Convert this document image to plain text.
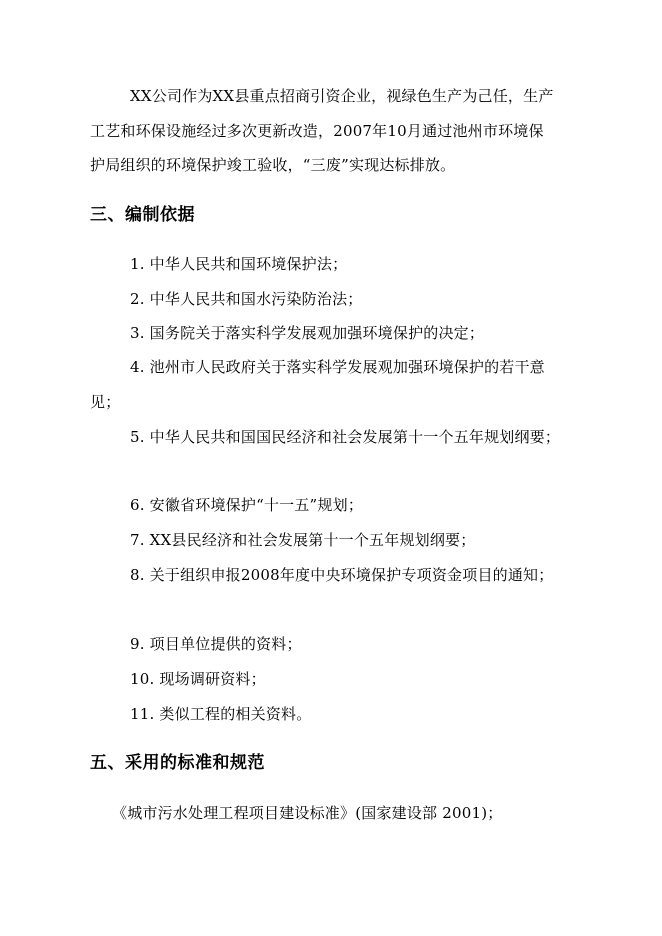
XX公司作为XX县重点招商引资企业，视绿色生产为己任，生产
工艺和环保设施经过多次更新改造，2007年10月通过池州市环境保
护局组织的环境保护竣工验收，“三废”实现达标排放。
三、编制依据
1. 中华人民共和国环境保护法；
2. 中华人民共和国水污染防治法；
3. 国务院关于落实科学发展观加强环境保护的决定；
4. 池州市人民政府关于落实科学发展观加强环境保护的若干意
见；
5. 中华人民共和国国民经济和社会发展第十一个五年规划纲要；
6. 安徽省环境保护“十一五”规划；
7. XX县民经济和社会发展第十一个五年规划纲要；
8. 关于组织申报2008年度中央环境保护专项资金项目的通知；
9. 项目单位提供的资料；
10. 现场调研资料；
11. 类似工程的相关资料。
五、采用的标准和规范
《城市污水处理工程项目建设标准》(国家建设部 2001)；
